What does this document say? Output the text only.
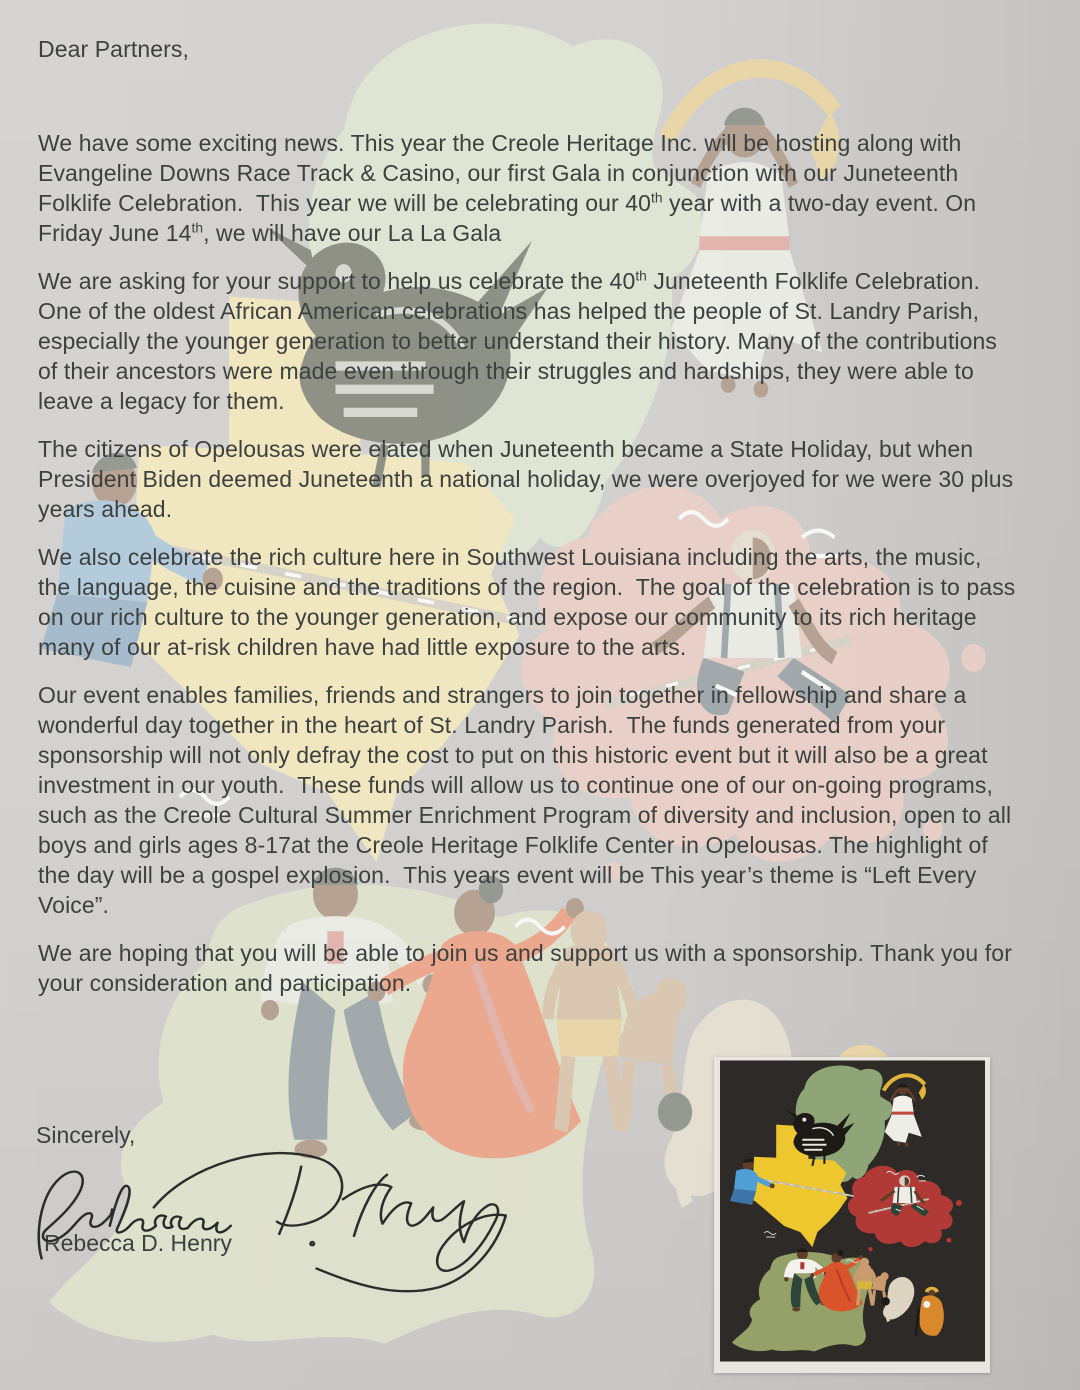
Dear Partners,

We have some exciting news. This year the Creole Heritage Inc. will be hosting along with Evangeline Downs Race Track & Casino, our first Gala in conjunction with our Juneteenth Folklife Celebration.  This year we will be celebrating our 40th year with a two-day event. On Friday June 14th, we will have our La La Gala

We are asking for your support to help us celebrate the 40th Juneteenth Folklife Celebration.  One of the oldest African American celebrations has helped the people of St. Landry Parish, especially the younger generation to better understand their history. Many of the contributions of their ancestors were made even through their struggles and hardships, they were able to leave a legacy for them.

The citizens of Opelousas were elated when Juneteenth became a State Holiday, but when President Biden deemed Juneteenth a national holiday, we were overjoyed for we were 30 plus years ahead.

We also celebrate the rich culture here in Southwest Louisiana including the arts, the music, the language, the cuisine and the traditions of the region.  The goal of the celebration is to pass on our rich culture to the younger generation, and expose our community to its rich heritage many of our at-risk children have had little exposure to the arts.

Our event enables families, friends and strangers to join together in fellowship and share a wonderful day together in the heart of St. Landry Parish.  The funds generated from your sponsorship will not only defray the cost to put on this historic event but it will also be a great investment in our youth.  These funds will allow us to continue one of our on-going programs, such as the Creole Cultural Summer Enrichment Program of diversity and inclusion, open to all boys and girls ages 8-17at the Creole Heritage Folklife Center in Opelousas. The highlight of the day will be a gospel explosion.  This years event will be This year’s theme is “Left Every Voice”.

We are hoping that you will be able to join us and support us with a sponsorship. Thank you for your consideration and participation.

Sincerely,
Rebecca D. Henry
